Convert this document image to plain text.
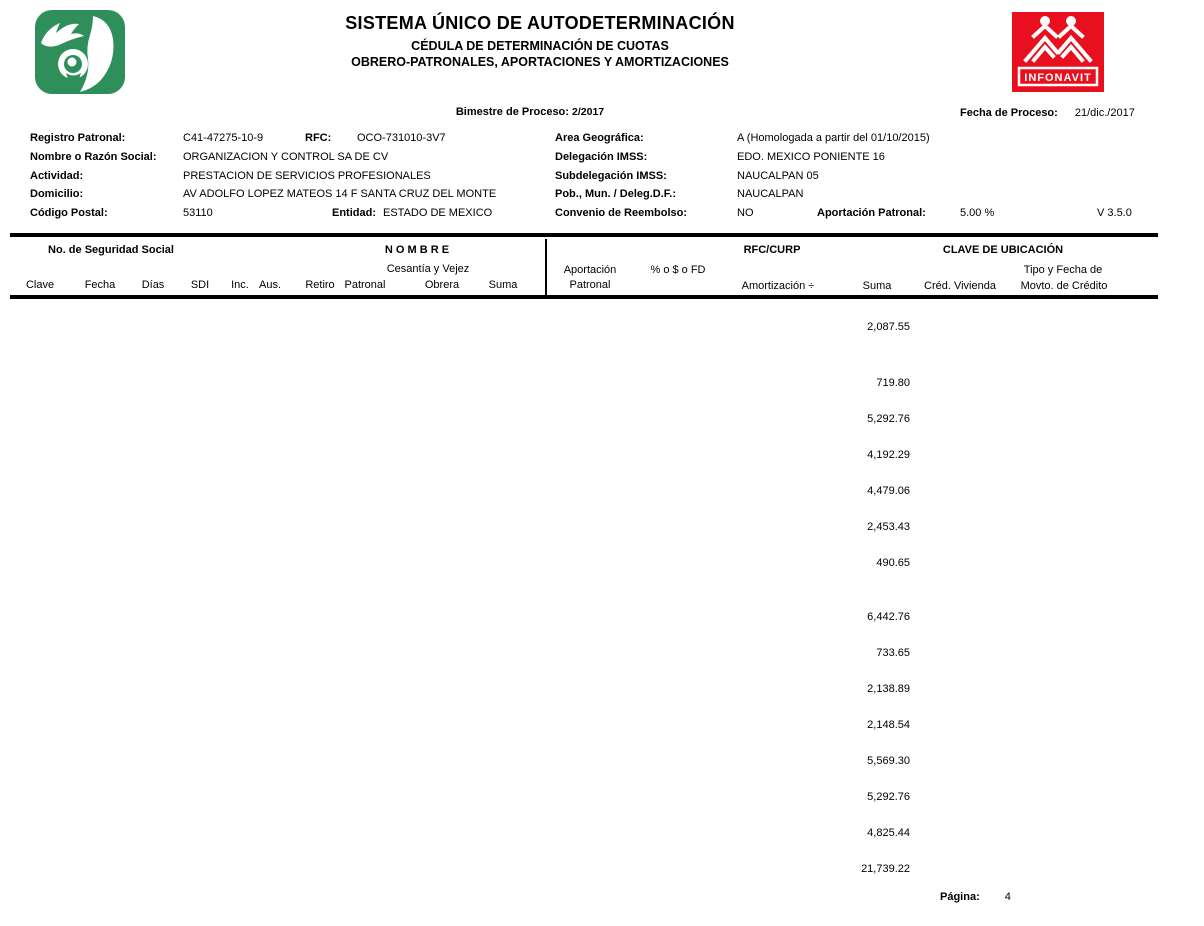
SISTEMA ÚNICO DE AUTODETERMINACIÓN
CÉDULA DE DETERMINACIÓN DE CUOTAS
OBRERO-PATRONALES, APORTACIONES Y AMORTIZACIONES
INFONAVIT
Bimestre de Proceso: 2/2017	Fecha de Proceso: 21/dic./2017
Registro Patronal:	C41-47275-10-9	RFC: OCO-731010-3V7
Nombre o Razón Social: ORGANIZACION Y CONTROL SA DE CV
Actividad:	PRESTACION DE SERVICIOS PROFESIONALES
Domicilio:	AV ADOLFO LOPEZ MATEOS 14 F SANTA CRUZ DEL MONTE
Código Postal:	53110	Entidad: ESTADO DE MEXICO
Area Geográfica:	A (Homologada a partir del 01/10/2015)
Delegación IMSS:	EDO. MEXICO PONIENTE 16
Subdelegación IMSS:	NAUCALPAN 05
Pob., Mun. / Deleg.D.F.:	NAUCALPAN
Convenio de Reembolso:	NO	Aportación Patronal:	5.00 %	V 3.5.0
No. de Seguridad Social	N O M B R E	RFC/CURP	CLAVE DE UBICACIÓN
Cesantía y Vejez	Aportación	% o $ o FD	Tipo y Fecha de
Clave	Fecha	Días	SDI	Inc. Aus.	Retiro Patronal	Obrera	Suma	Patronal	Amortización ÷	Suma	Créd. Vivienda	Movto. de Crédito
2,087.55
719.80
5,292.76
4,192.29
4,479.06
2,453.43
490.65
6,442.76
733.65
2,138.89
2,148.54
5,569.30
5,292.76
4,825.44
21,739.22
Página: 4
